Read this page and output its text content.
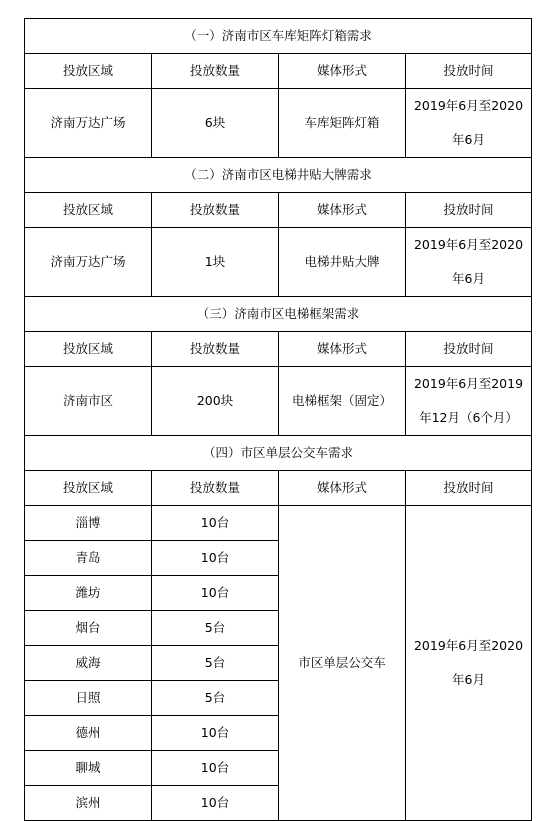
（一）济南市区车库矩阵灯箱需求			
投放区域	投放数量	媒体形式	投放时间
济南万达广场	6块	车库矩阵灯箱	2019年6月至2020
年6月

（二）济南市区电梯井贴大牌需求			
投放区域	投放数量	媒体形式	投放时间
济南万达广场	1块	电梯井贴大牌	2019年6月至2020
年6月

（三）济南市区电梯框架需求			
投放区域	投放数量	媒体形式	投放时间
济南市区	200块	电梯框架（固定）	2019年6月至2019
年12月（6个月）

（四）市区单层公交车需求			
投放区域	投放数量	媒体形式	投放时间
淄博	10台	市区单层公交车	2019年6月至2020
年6月

青岛	10台		
潍坊	10台		
烟台	5台		
威海	5台		
日照	5台		
德州	10台		
聊城	10台		
滨州	10台		
